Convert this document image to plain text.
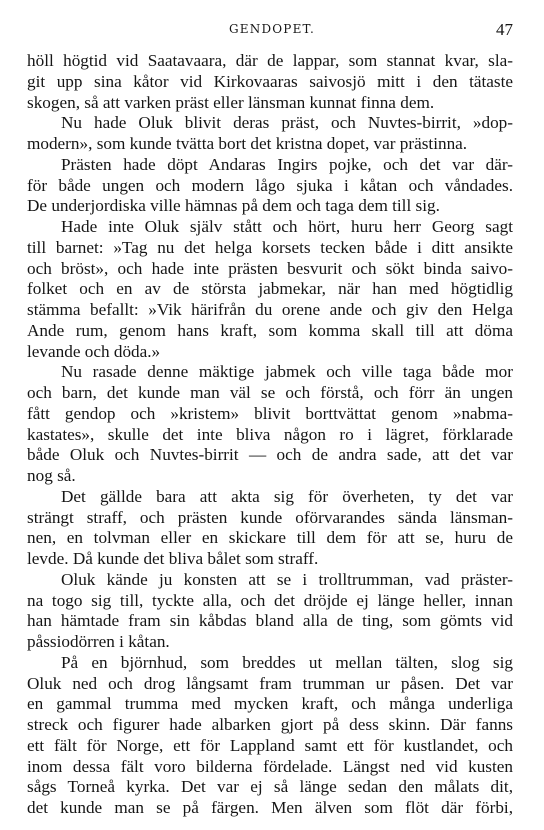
GENDOPET.	47
höll högtid vid Saatavaara, där de lappar, som stannat kvar, sla-
git upp sina kåtor vid Kirkovaaras saivosjö mitt i den tätaste
skogen, så att varken präst eller länsman kunnat finna dem.
Nu hade Oluk blivit deras präst, och Nuvtes-birrit, »dop-
modern», som kunde tvätta bort det kristna dopet, var prästinna.
Prästen hade döpt Andaras Ingirs pojke, och det var där-
för både ungen och modern lågo sjuka i kåtan och våndades.
De underjordiska ville hämnas på dem och taga dem till sig.
Hade inte Oluk själv stått och hört, huru herr Georg sagt
till barnet: »Tag nu det helga korsets tecken både i ditt ansikte
och bröst», och hade inte prästen besvurit och sökt binda saivo-
folket och en av de största jabmekar, när han med högtidlig
stämma befallt: »Vik härifrån du orene ande och giv den Helga
Ande rum, genom hans kraft, som komma skall till att döma
levande och döda.»
Nu rasade denne mäktige jabmek och ville taga både mor
och barn, det kunde man väl se och förstå, och förr än ungen
fått gendop och »kristem» blivit borttvättat genom »nabma-
kastates», skulle det inte bliva någon ro i lägret, förklarade
både Oluk och Nuvtes-birrit — och de andra sade, att det var
nog så.
Det gällde bara att akta sig för överheten, ty det var
strängt straff, och prästen kunde oförvarandes sända länsman-
nen, en tolvman eller en skickare till dem för att se, huru de
levde. Då kunde det bliva bålet som straff.
Oluk kände ju konsten att se i trolltrumman, vad präster-
na togo sig till, tyckte alla, och det dröjde ej länge heller, innan
han hämtade fram sin kåbdas bland alla de ting, som gömts vid
påssiodörren i kåtan.
På en björnhud, som breddes ut mellan tälten, slog sig
Oluk ned och drog långsamt fram trumman ur påsen. Det var
en gammal trumma med mycken kraft, och många underliga
streck och figurer hade albarken gjort på dess skinn. Där fanns
ett fält för Norge, ett för Lappland samt ett för kustlandet, och
inom dessa fält voro bilderna fördelade. Längst ned vid kusten
sågs Torneå kyrka. Det var ej så länge sedan den målats dit,
det kunde man se på färgen. Men älven som flöt där förbi,
